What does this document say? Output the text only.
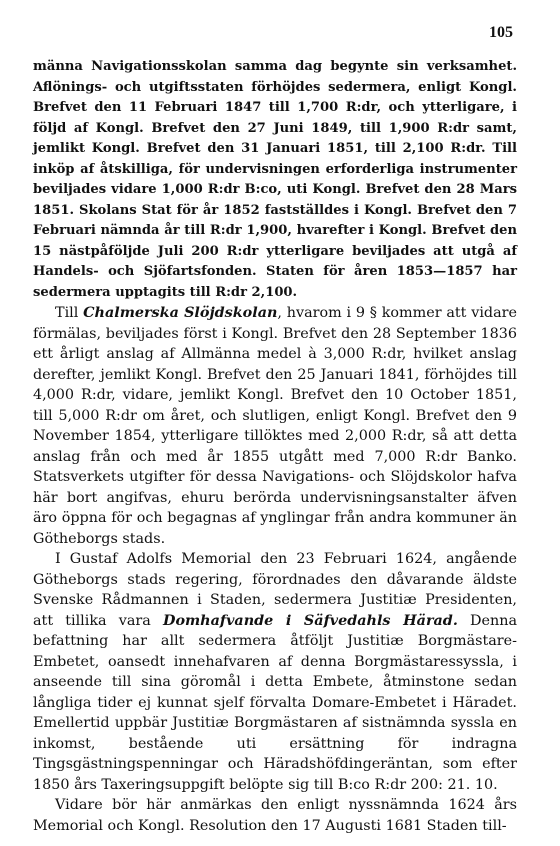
105

männa Navigationsskolan samma dag begynte sin verksamhet. Aflönings- och utgiftsstaten förhöjdes sedermera, enligt Kongl. Brefvet den 11 Februari 1847 till 1,700 R:dr, och ytterligare, i följd af Kongl. Brefvet den 27 Juni 1849, till 1,900 R:dr samt, jemlikt Kongl. Brefvet den 31 Januari 1851, till 2,100 R:dr. Till inköp af åtskilliga, för undervisningen erforderliga instrumenter beviljades vidare 1,000 R:dr B:co, uti Kongl. Brefvet den 28 Mars 1851. Skolans Stat för år 1852 fastställdes i Kongl. Brefvet den 7 Februari nämnda år till R:dr 1,900, hvarefter i Kongl. Brefvet den 15 nästpåföljde Juli 200 R:dr ytterligare beviljades att utgå af Handels- och Sjöfartsfonden. Staten för åren 1853—1857 har sedermera upptagits till R:dr 2,100.

Till Chalmerska Slöjdskolan, hvarom i 9 § kommer att vidare förmälas, beviljades först i Kongl. Brefvet den 28 September 1836 ett årligt anslag af Allmänna medel à 3,000 R:dr, hvilket anslag derefter, jemlikt Kongl. Brefvet den 25 Januari 1841, förhöjdes till 4,000 R:dr, vidare, jemlikt Kongl. Brefvet den 10 October 1851, till 5,000 R:dr om året, och slutligen, enligt Kongl. Brefvet den 9 November 1854, ytterligare tillöktes med 2,000 R:dr, så att detta anslag från och med år 1855 utgått med 7,000 R:dr Banko. Statsverkets utgifter för dessa Navigations- och Slöjdskolor hafva här bort angifvas, ehuru berörda undervisningsanstalter äfven äro öppna för och begagnas af ynglingar från andra kommuner än Götheborgs stads.

I Gustaf Adolfs Memorial den 23 Februari 1624, angående Götheborgs stads regering, förordnades den dåvarande äldste Svenske Rådmannen i Staden, sedermera Justitiæ Presidenten, att tillika vara Domhafvande i Säfvedahls Härad. Denna befattning har allt sedermera åtföljt Justitiæ Borgmästare-Embetet, oansedt innehafvaren af denna Borgmästaressyssla, i anseende till sina göromål i detta Embete, åtminstone sedan långliga tider ej kunnat sjelf förvalta Domare-Embetet i Häradet. Emellertid uppbär Justitiæ Borgmästaren af sistnämnda syssla en inkomst, bestående uti ersättning för indragna Tingsgästningspenningar och Häradshöfdingeräntan, som efter 1850 års Taxeringsuppgift belöpte sig till B:co R:dr 200: 21. 10.

Vidare bör här anmärkas den enligt nyssnämnda 1624 års Memorial och Kongl. Resolution den 17 Augusti 1681 Staden till-
